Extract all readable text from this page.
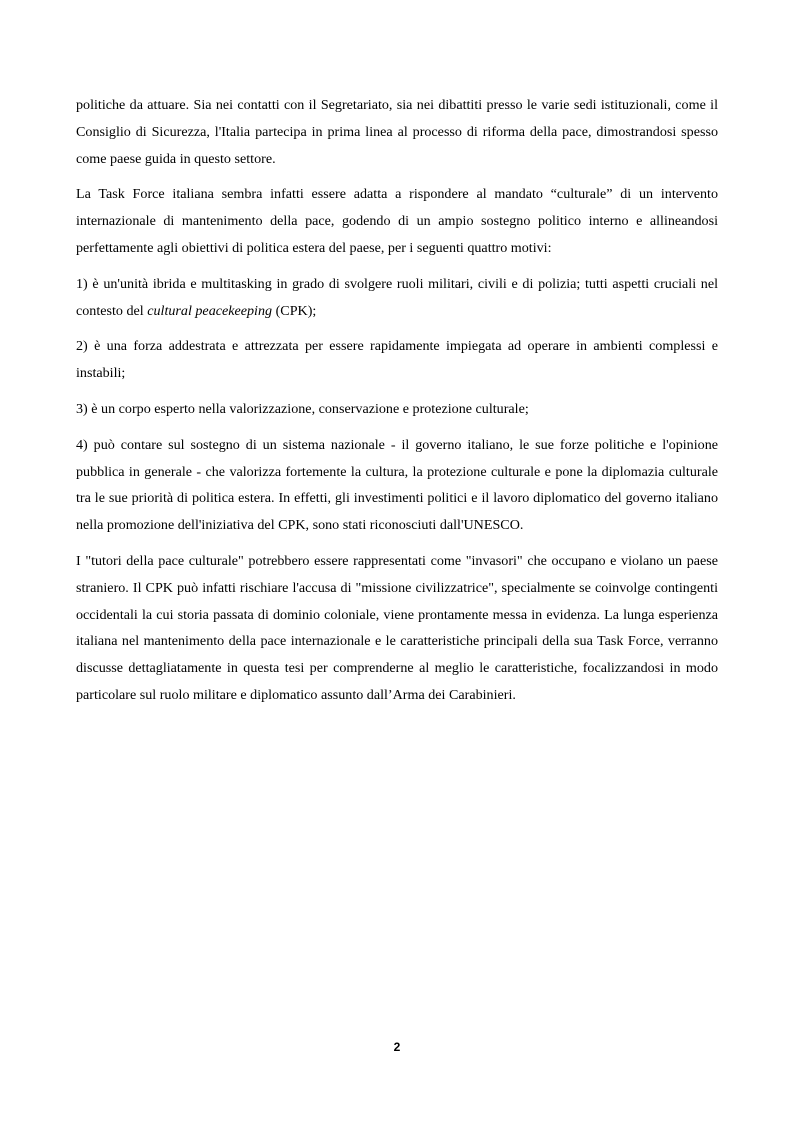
politiche da attuare. Sia nei contatti con il Segretariato, sia nei dibattiti presso le varie sedi istituzionali, come il Consiglio di Sicurezza, l'Italia partecipa in prima linea al processo di riforma della pace, dimostrandosi spesso come paese guida in questo settore.

La Task Force italiana sembra infatti essere adatta a rispondere al mandato “culturale” di un intervento internazionale di mantenimento della pace, godendo di un ampio sostegno politico interno e allineandosi perfettamente agli obiettivi di politica estera del paese, per i seguenti quattro motivi:

1) è un'unità ibrida e multitasking in grado di svolgere ruoli militari, civili e di polizia; tutti aspetti cruciali nel contesto del cultural peacekeeping (CPK);

2) è una forza addestrata e attrezzata per essere rapidamente impiegata ad operare in ambienti complessi e instabili;

3) è un corpo esperto nella valorizzazione, conservazione e protezione culturale;

4) può contare sul sostegno di un sistema nazionale - il governo italiano, le sue forze politiche e l'opinione pubblica in generale - che valorizza fortemente la cultura, la protezione culturale e pone la diplomazia culturale tra le sue priorità di politica estera. In effetti, gli investimenti politici e il lavoro diplomatico del governo italiano nella promozione dell'iniziativa del CPK, sono stati riconosciuti dall'UNESCO.

I "tutori della pace culturale" potrebbero essere rappresentati come "invasori" che occupano e violano un paese straniero. Il CPK può infatti rischiare l'accusa di "missione civilizzatrice", specialmente se coinvolge contingenti occidentali la cui storia passata di dominio coloniale, viene prontamente messa in evidenza. La lunga esperienza italiana nel mantenimento della pace internazionale e le caratteristiche principali della sua Task Force, verranno discusse dettagliatamente in questa tesi per comprenderne al meglio le caratteristiche, focalizzandosi in modo particolare sul ruolo militare e diplomatico assunto dall’Arma dei Carabinieri.

2
